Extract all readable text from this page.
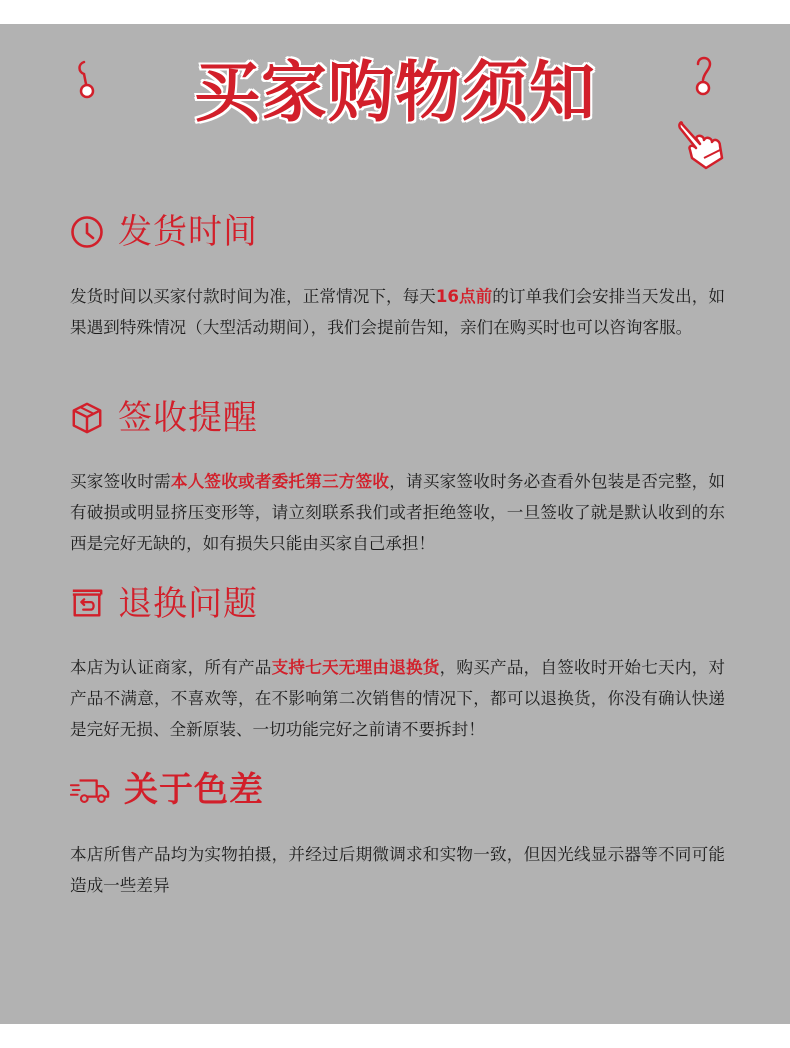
买家购物须知
发货时间
发货时间以买家付款时间为准，正常情况下，每天16点前的订单我们会安排当天发出，如果遇到特殊情况（大型活动期间），我们会提前告知，亲们在购买时也可以咨询客服。
签收提醒
买家签收时需本人签收或者委托第三方签收，请买家签收时务必查看外包装是否完整，如有破损或明显挤压变形等，请立刻联系我们或者拒绝签收，一旦签收了就是默认收到的东西是完好无缺的，如有损失只能由买家自己承担！
退换问题
本店为认证商家，所有产品支持七天无理由退换货，购买产品，自签收时开始七天内，对产品不满意，不喜欢等，在不影响第二次销售的情况下，都可以退换货，你没有确认快递是完好无损、全新原装、一切功能完好之前请不要拆封！
关于色差
本店所售产品均为实物拍摄，并经过后期微调求和实物一致，但因光线显示器等不同可能造成一些差异
